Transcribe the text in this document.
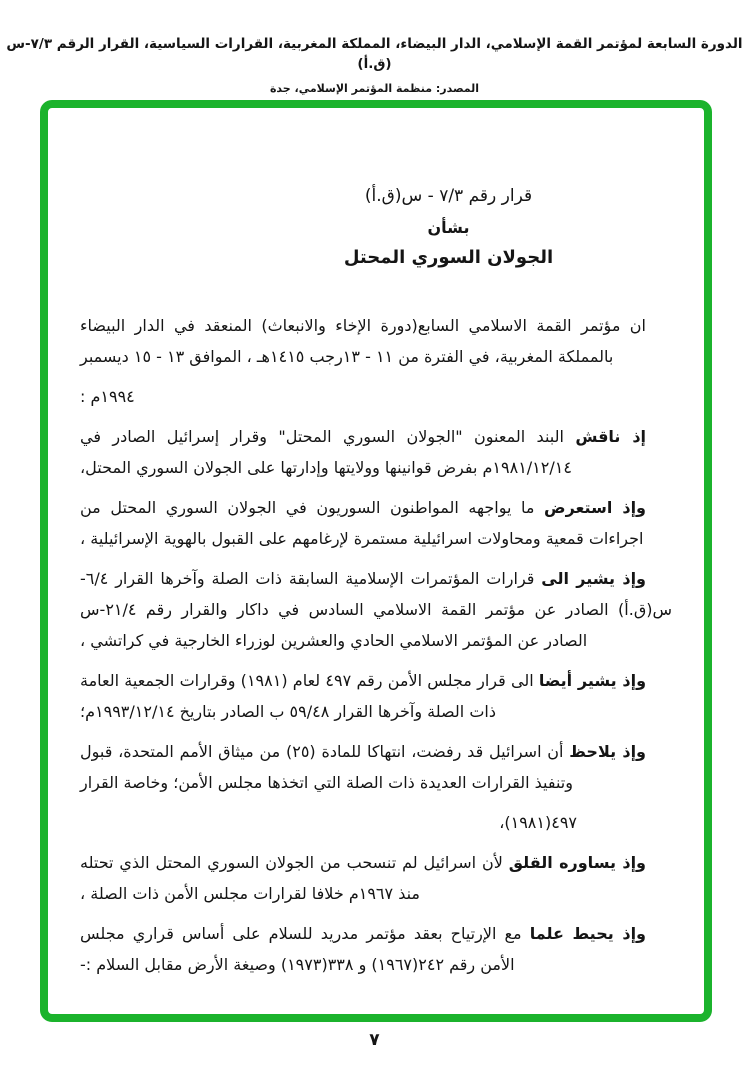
الدورة السابعة لمؤتمر القمة الإسلامي، الدار البيضاء، المملكة المغربية، القرارات السياسية، القرار الرقم ٧/٣-س (ق.أ)
المصدر: منظمة المؤتمر الإسلامي، جدة
قرار رقم ٧/٣ - س(ق.أ)
بشأن
الجولان السوري المحتل
ان مؤتمر القمة الاسلامي السابع(دورة الإخاء والانبعاث) المنعقد في الدار البيضاء بالمملكة المغربية، في الفترة من ١١ - ١٣رجب ١٤١٥هـ ، الموافق ١٣ - ١٥ ديسمبر
١٩٩٤م :
إذ ناقش البند المعنون "الجولان السوري المحتل" وقرار إسرائيل الصادر في ١٩٨١/١٢/١٤م بفرض قوانينها وولايتها وإدارتها على الجولان السوري المحتل،
وإذ استعرض ما يواجهه المواطنون السوريون في الجولان السوري المحتل من اجراءات قمعية ومحاولات اسرائيلية مستمرة لإرغامهم على القبول بالهوية الإسرائيلية ،
وإذ يشير الى قرارات المؤتمرات الإسلامية السابقة ذات الصلة وآخرها القرار ٦/٤-س(ق.أ) الصادر عن مؤتمر القمة الاسلامي السادس في داكار والقرار رقم ٢١/٤-س الصادر عن المؤتمر الاسلامي الحادي والعشرين لوزراء الخارجية في كراتشي ،
وإذ يشير أيضا الى قرار مجلس الأمن رقم ٤٩٧ لعام (١٩٨١) وقرارات الجمعية العامة ذات الصلة وآخرها القرار ٥٩/٤٨ ب الصادر بتاريخ ١٩٩٣/١٢/١٤م؛
وإذ يلاحظ أن اسرائيل قد رفضت، انتهاكا للمادة (٢٥) من ميثاق الأمم المتحدة، قبول وتنفيذ القرارات العديدة ذات الصلة التي اتخذها مجلس الأمن؛ وخاصة القرار
٤٩٧(١٩٨١)،
وإذ يساوره القلق لأن اسرائيل لم تنسحب من الجولان السوري المحتل الذي تحتله منذ ١٩٦٧م خلافا لقرارات مجلس الأمن ذات الصلة ،
وإذ يحيط علما مع الإرتياح بعقد مؤتمر مدريد للسلام على أساس قراري مجلس الأمن رقم ٢٤٢(١٩٦٧) و ٣٣٨(١٩٧٣) وصيغة الأرض مقابل السلام :-
٧
